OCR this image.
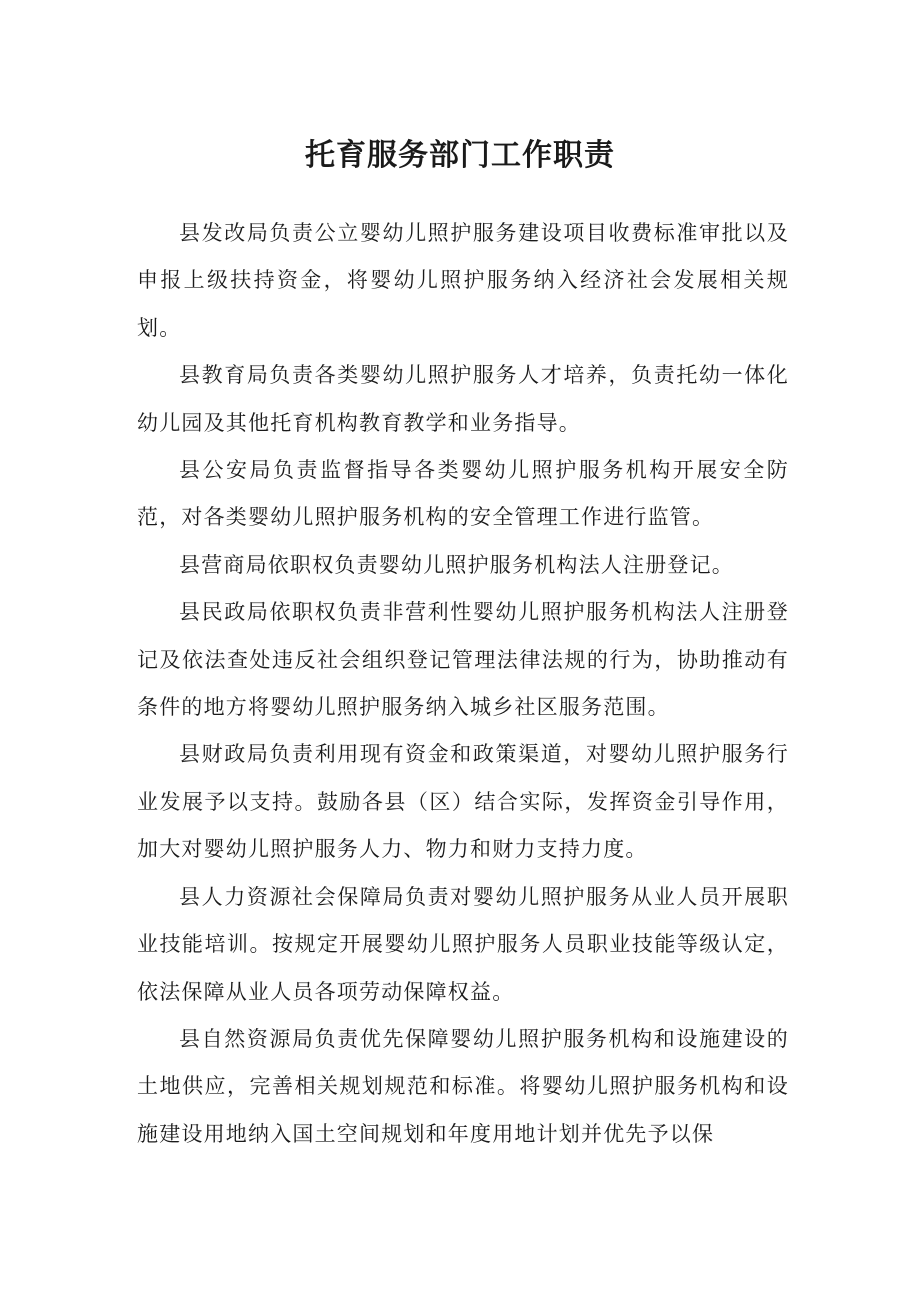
托育服务部门工作职责

县发改局负责公立婴幼儿照护服务建设项目收费标准审批以及申报上级扶持资金，将婴幼儿照护服务纳入经济社会发展相关规划。

县教育局负责各类婴幼儿照护服务人才培养，负责托幼一体化幼儿园及其他托育机构教育教学和业务指导。

县公安局负责监督指导各类婴幼儿照护服务机构开展安全防范，对各类婴幼儿照护服务机构的安全管理工作进行监管。

县营商局依职权负责婴幼儿照护服务机构法人注册登记。

县民政局依职权负责非营利性婴幼儿照护服务机构法人注册登记及依法查处违反社会组织登记管理法律法规的行为，协助推动有条件的地方将婴幼儿照护服务纳入城乡社区服务范围。

县财政局负责利用现有资金和政策渠道，对婴幼儿照护服务行业发展予以支持。鼓励各县（区）结合实际，发挥资金引导作用，加大对婴幼儿照护服务人力、物力和财力支持力度。

县人力资源社会保障局负责对婴幼儿照护服务从业人员开展职业技能培训。按规定开展婴幼儿照护服务人员职业技能等级认定，依法保障从业人员各项劳动保障权益。

县自然资源局负责优先保障婴幼儿照护服务机构和设施建设的土地供应，完善相关规划规范和标准。将婴幼儿照护服务机构和设施建设用地纳入国土空间规划和年度用地计划并优先予以保
